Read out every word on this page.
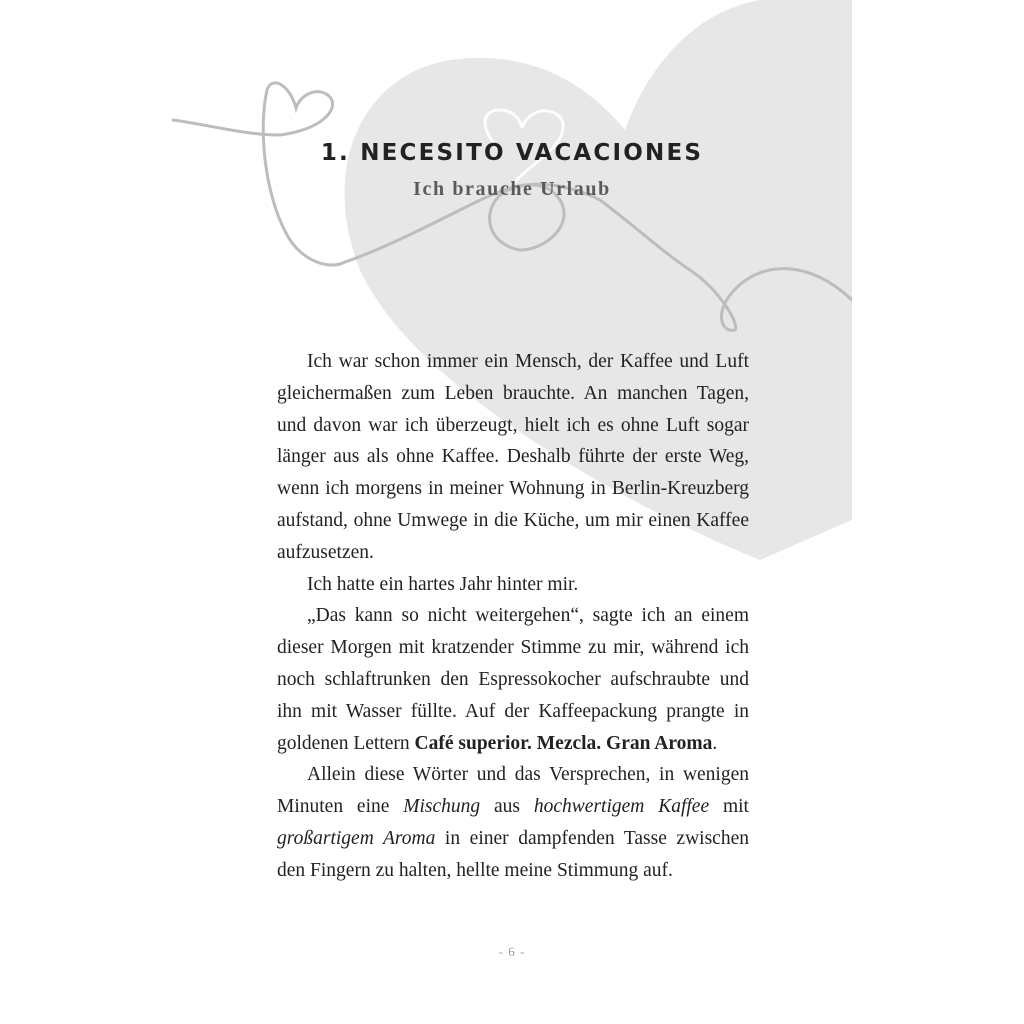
1. NECESITO VACACIONES
Ich brauche Urlaub

Ich war schon immer ein Mensch, der Kaffee und Luft gleichermaßen zum Leben brauchte. An manchen Tagen, und davon war ich überzeugt, hielt ich es ohne Luft sogar länger aus als ohne Kaffee. Deshalb führte der erste Weg, wenn ich morgens in meiner Wohnung in Berlin-Kreuzberg aufstand, ohne Umwege in die Küche, um mir einen Kaffee aufzusetzen.

Ich hatte ein hartes Jahr hinter mir.

„Das kann so nicht weitergehen“, sagte ich an einem dieser Morgen mit kratzender Stimme zu mir, während ich noch schlaftrunken den Espressokocher aufschraubte und ihn mit Wasser füllte. Auf der Kaffeepackung prangte in goldenen Lettern Café superior. Mezcla. Gran Aroma.

Allein diese Wörter und das Versprechen, in wenigen Minuten eine Mischung aus hochwertigem Kaffee mit großartigem Aroma in einer dampfenden Tasse zwischen den Fingern zu halten, hellte meine Stimmung auf.

- 6 -
